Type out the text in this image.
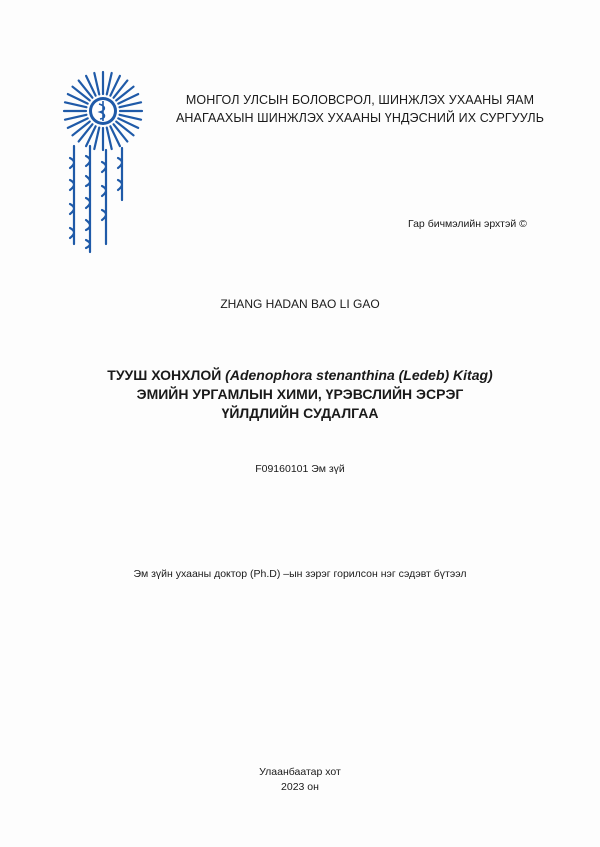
МОНГОЛ УЛСЫН БОЛОВСРОЛ, ШИНЖЛЭХ УХААНЫ ЯАМ
АНАГААХЫН ШИНЖЛЭХ УХААНЫ ҮНДЭСНИЙ ИХ СУРГУУЛЬ
Гар бичмэлийн эрхтэй ©
ZHANG HADAN BAO LI GAO
ТУУШ ХОНХЛОЙ (Adenophora stenanthina (Ledeb) Kitag)
ЭМИЙН УРГАМЛЫН ХИМИ, ҮРЭВСЛИЙН ЭСРЭГ
ҮЙЛДЛИЙН СУДАЛГАА
F09160101 Эм зүй
Эм зүйн ухааны доктор (Ph.D) –ын зэрэг горилсон нэг сэдэвт бүтээл
Улаанбаатар хот
2023 он
